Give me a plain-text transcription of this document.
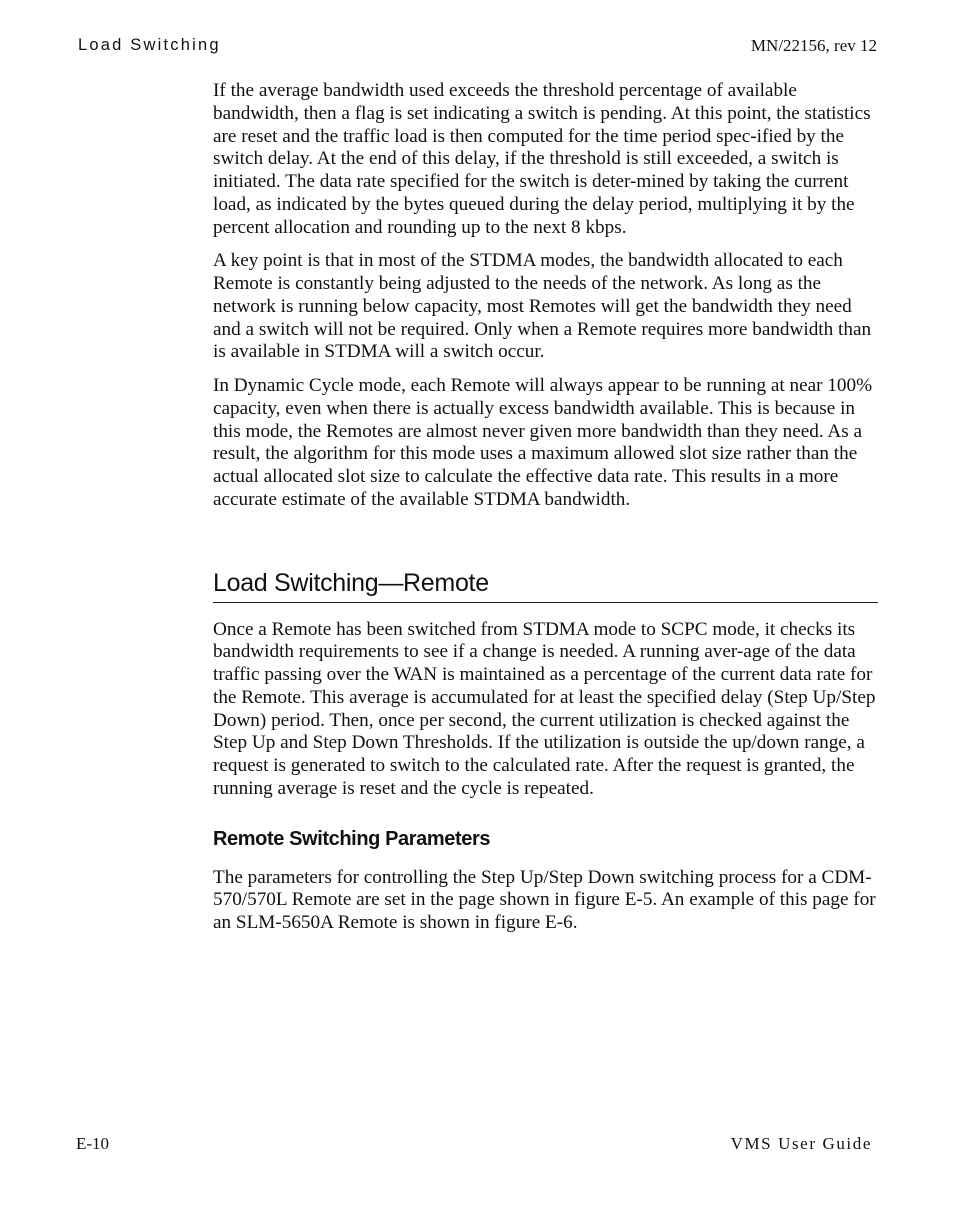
Load Switching	MN/22156, rev 12

If the average bandwidth used exceeds the threshold percentage of available bandwidth, then a flag is set indicating a switch is pending. At this point, the statistics are reset and the traffic load is then computed for the time period spec-ified by the switch delay. At the end of this delay, if the threshold is still exceeded, a switch is initiated. The data rate specified for the switch is deter-mined by taking the current load, as indicated by the bytes queued during the delay period, multiplying it by the percent allocation and rounding up to the next 8 kbps.

A key point is that in most of the STDMA modes, the bandwidth allocated to each Remote is constantly being adjusted to the needs of the network. As long as the network is running below capacity, most Remotes will get the bandwidth they need and a switch will not be required. Only when a Remote requires more bandwidth than is available in STDMA will a switch occur.

In Dynamic Cycle mode, each Remote will always appear to be running at near 100% capacity, even when there is actually excess bandwidth available. This is because in this mode, the Remotes are almost never given more bandwidth than they need. As a result, the algorithm for this mode uses a maximum allowed slot size rather than the actual allocated slot size to calculate the effective data rate. This results in a more accurate estimate of the available STDMA bandwidth.

Load Switching—Remote

Once a Remote has been switched from STDMA mode to SCPC mode, it checks its bandwidth requirements to see if a change is needed. A running aver-age of the data traffic passing over the WAN is maintained as a percentage of the current data rate for the Remote. This average is accumulated for at least the specified delay (Step Up/Step Down) period. Then, once per second, the current utilization is checked against the Step Up and Step Down Thresholds. If the utilization is outside the up/down range, a request is generated to switch to the calculated rate. After the request is granted, the running average is reset and the cycle is repeated.

Remote Switching Parameters

The parameters for controlling the Step Up/Step Down switching process for a CDM-570/570L Remote are set in the page shown in figure E-5. An example of this page for an SLM-5650A Remote is shown in figure E-6.

E-10	VMS User Guide
